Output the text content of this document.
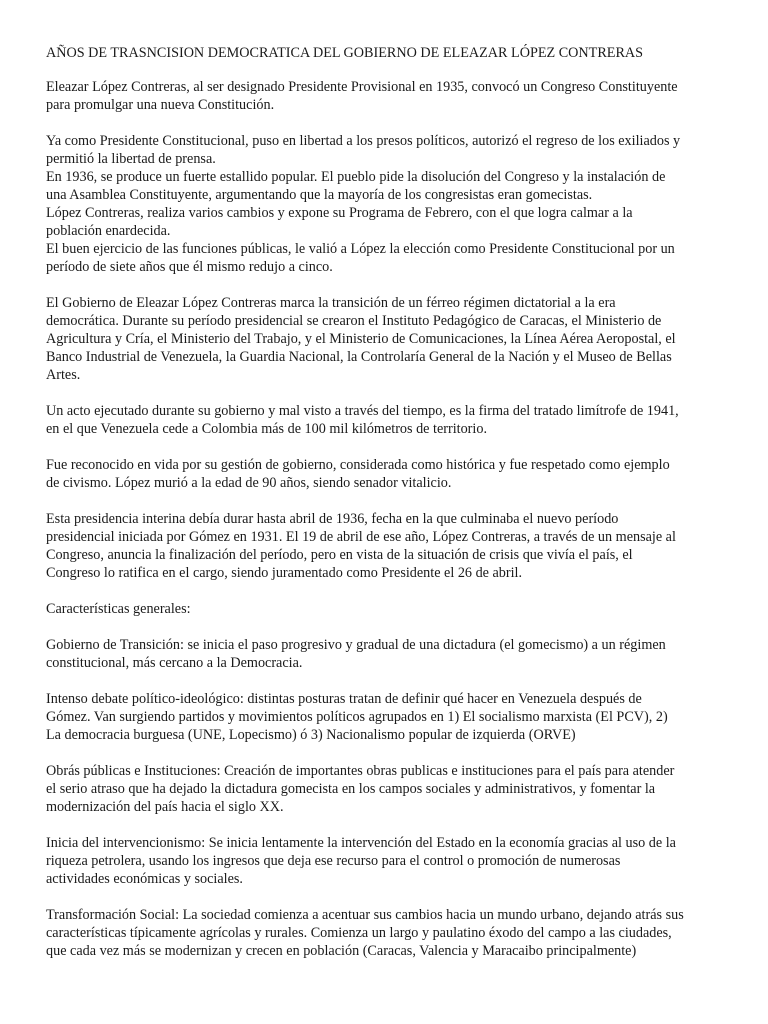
AÑOS DE TRASNCISION DEMOCRATICA DEL GOBIERNO DE ELEAZAR LÓPEZ CONTRERAS
Eleazar López Contreras, al ser designado Presidente Provisional en 1935, convocó un Congreso Constituyente
para promulgar una nueva Constitución.
Ya como Presidente Constitucional, puso en libertad a los presos políticos, autorizó el regreso de los exiliados y
permitió la libertad de prensa.
En 1936, se produce un fuerte estallido popular. El pueblo pide la disolución del Congreso y la instalación de
una Asamblea Constituyente, argumentando que la mayoría de los congresistas eran gomecistas.
López Contreras, realiza varios cambios y expone su Programa de Febrero, con el que logra calmar a la
población enardecida.
El buen ejercicio de las funciones públicas, le valió a López la elección como Presidente Constitucional por un
período de siete años que él mismo redujo a cinco.
El Gobierno de Eleazar López Contreras marca la transición de un férreo régimen dictatorial a la era
democrática. Durante su período presidencial se crearon el Instituto Pedagógico de Caracas, el Ministerio de
Agricultura y Cría, el Ministerio del Trabajo, y el Ministerio de Comunicaciones, la Línea Aérea Aeropostal, el
Banco Industrial de Venezuela, la Guardia Nacional, la Controlaría General de la Nación y el Museo de Bellas
Artes.
Un acto ejecutado durante su gobierno y mal visto a través del tiempo, es la firma del tratado limítrofe de 1941,
en el que Venezuela cede a Colombia más de 100 mil kilómetros de territorio.
Fue reconocido en vida por su gestión de gobierno, considerada como histórica y fue respetado como ejemplo
de civismo. López murió a la edad de 90 años, siendo senador vitalicio.
Esta presidencia interina debía durar hasta abril de 1936, fecha en la que culminaba el nuevo período
presidencial iniciada por Gómez en 1931. El 19 de abril de ese año, López Contreras, a través de un mensaje al
Congreso, anuncia la finalización del período, pero en vista de la situación de crisis que vivía el país, el
Congreso lo ratifica en el cargo, siendo juramentado como Presidente el 26 de abril.
Características generales:
Gobierno de Transición: se inicia el paso progresivo y gradual de una dictadura (el gomecismo) a un régimen
constitucional, más cercano a la Democracia.
Intenso debate político-ideológico: distintas posturas tratan de definir qué hacer en Venezuela después de
Gómez. Van surgiendo partidos y movimientos políticos agrupados en 1) El socialismo marxista (El PCV), 2)
La democracia burguesa (UNE, Lopecismo) ó 3) Nacionalismo popular de izquierda (ORVE)
Obrás públicas e Instituciones: Creación de importantes obras publicas e instituciones para el país para atender
el serio atraso que ha dejado la dictadura gomecista en los campos sociales y administrativos, y fomentar la
modernización del país hacia el siglo XX.
Inicia del intervencionismo: Se inicia lentamente la intervención del Estado en la economía gracias al uso de la
riqueza petrolera, usando los ingresos que deja ese recurso para el control o promoción de numerosas
actividades económicas y sociales.
Transformación Social: La sociedad comienza a acentuar sus cambios hacia un mundo urbano, dejando atrás sus
características típicamente agrícolas y rurales. Comienza un largo y paulatino éxodo del campo a las ciudades,
que cada vez más se modernizan y crecen en población (Caracas, Valencia y Maracaibo principalmente)
